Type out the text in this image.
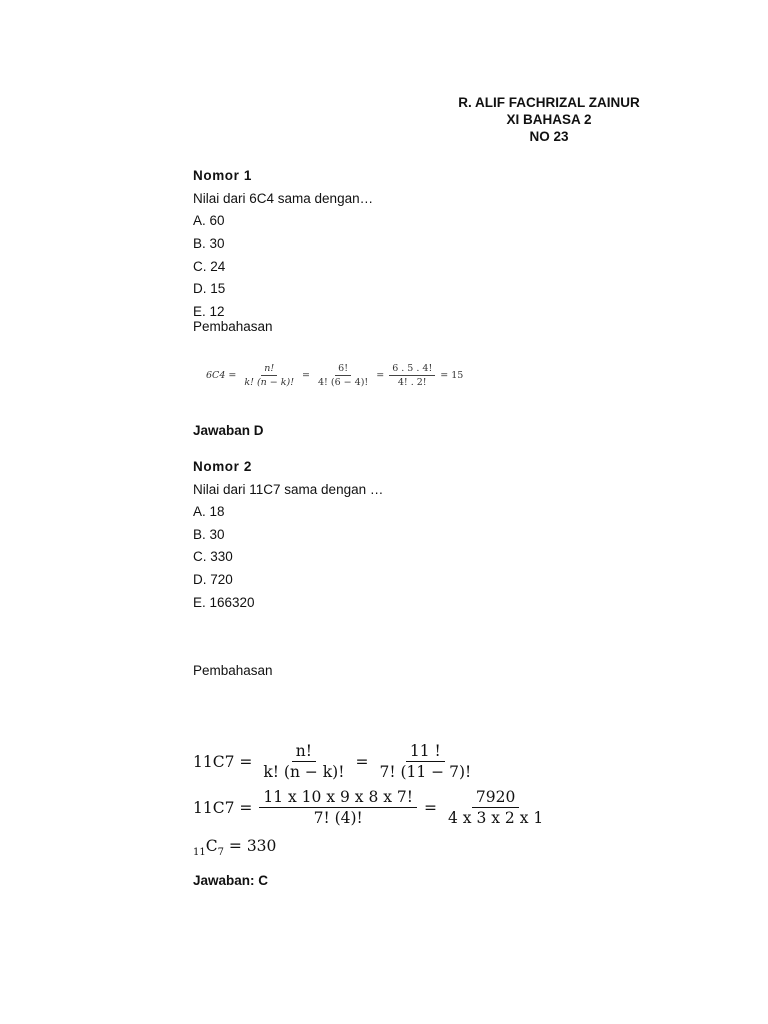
R. ALIF FACHRIZAL ZAINUR
XI BAHASA 2
NO 23
Nomor 1
Nilai dari 6C4 sama dengan…
A. 60
B. 30
C. 24
D. 15
E. 12
Pembahasan
$6C4 = \frac{n!}{k! (n - k)!} = \frac{6!}{4! (6 - 4)!} = \frac{6 . 5 . 4!}{4! . 2!} = 15$
Jawaban D
Nomor 2
Nilai dari 11C7 sama dengan …
A. 18
B. 30
C. 330
D. 720
E. 166320
Pembahasan
$11C7 = \frac{n!}{k! (n - k)!} = \frac{11 !}{7! (11 - 7)!}$
$11C7 = \frac{11 x 10 x 9 x 8 x 7!}{7! (4)!} = \frac{7920}{4 x 3 x 2 x 1}$
$_{11}C_7 = 330$
Jawaban: C
